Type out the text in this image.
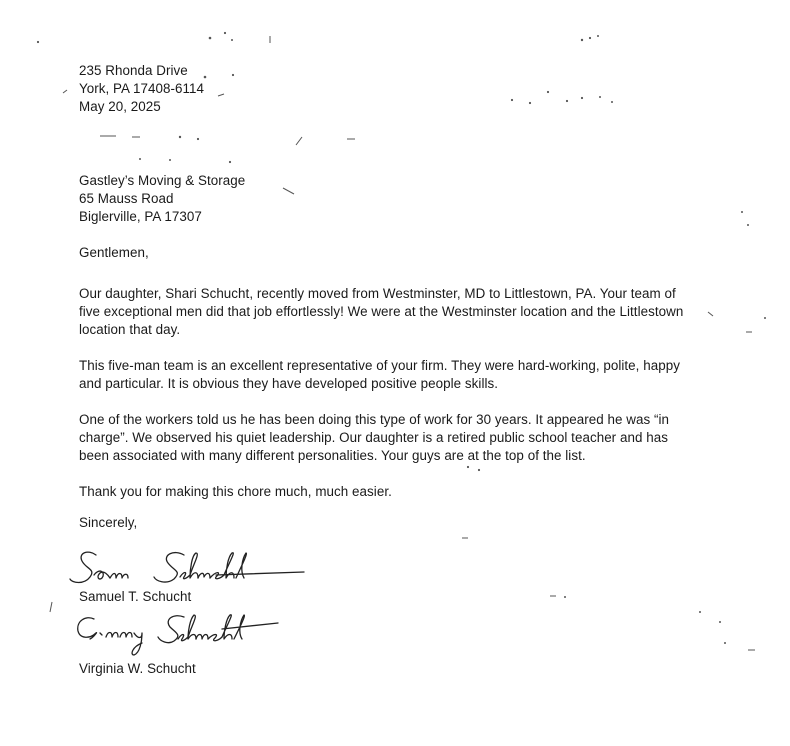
235 Rhonda Drive
York, PA 17408-6114
May 20, 2025
Gastley’s Moving & Storage
65 Mauss Road
Biglerville, PA 17307
Gentlemen,
Our daughter, Shari Schucht, recently moved from Westminster, MD to Littlestown, PA. Your team of
five exceptional men did that job effortlessly! We were at the Westminster location and the Littlestown
location that day.
This five-man team is an excellent representative of your firm. They were hard-working, polite, happy
and particular. It is obvious they have developed positive people skills.
One of the workers told us he has been doing this type of work for 30 years. It appeared he was “in
charge”. We observed his quiet leadership. Our daughter is a retired public school teacher and has
been associated with many different personalities. Your guys are at the top of the list.
Thank you for making this chore much, much easier.
Sincerely,
Samuel T. Schucht
Virginia W. Schucht
